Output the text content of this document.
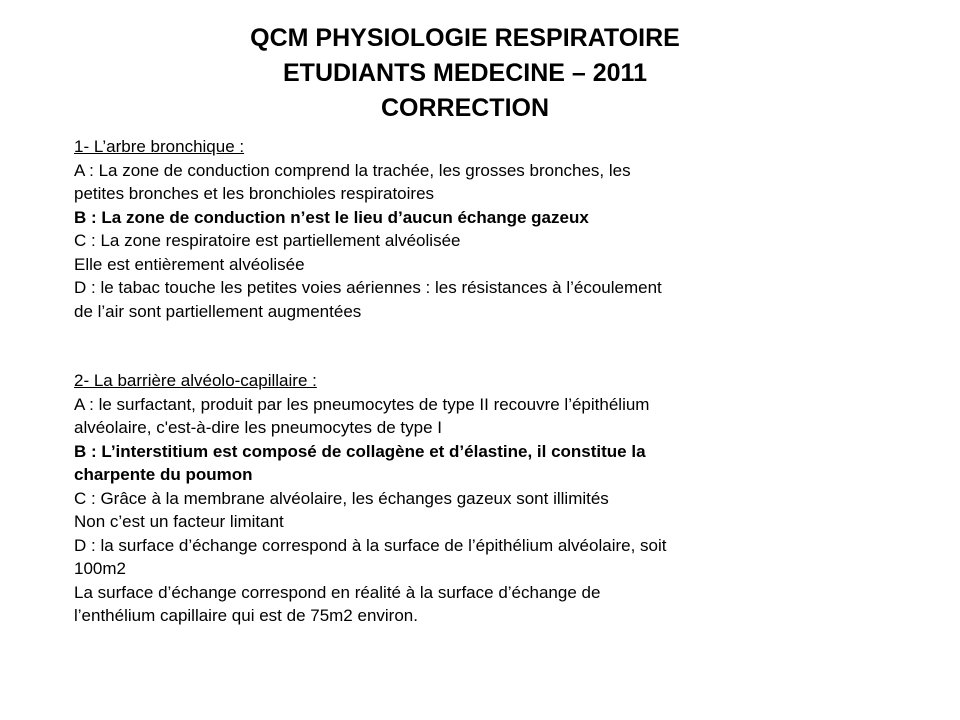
QCM PHYSIOLOGIE RESPIRATOIRE
ETUDIANTS MEDECINE – 2011
CORRECTION
1- L’arbre bronchique :
A : La zone de conduction comprend la trachée, les grosses bronches, les
petites bronches et les bronchioles respiratoires
B : La zone de conduction n’est le lieu d’aucun échange gazeux
C : La zone respiratoire est partiellement alvéolisée
Elle est entièrement alvéolisée
D : le tabac touche les petites voies aériennes : les résistances à l’écoulement
de l’air sont partiellement augmentées
2- La barrière alvéolo-capillaire :
A : le surfactant, produit par les pneumocytes de type II recouvre l’épithélium
alvéolaire, c'est-à-dire les pneumocytes de type I
B : L’interstitium est composé de collagène et d’élastine, il constitue la
charpente du poumon
C : Grâce à la membrane alvéolaire, les échanges gazeux sont illimités
Non c’est un facteur limitant
D : la surface d’échange correspond à la surface de l’épithélium alvéolaire, soit
100m2
La surface d’échange correspond en réalité à la surface d’échange de
l’enthélium capillaire qui est de 75m2 environ.
